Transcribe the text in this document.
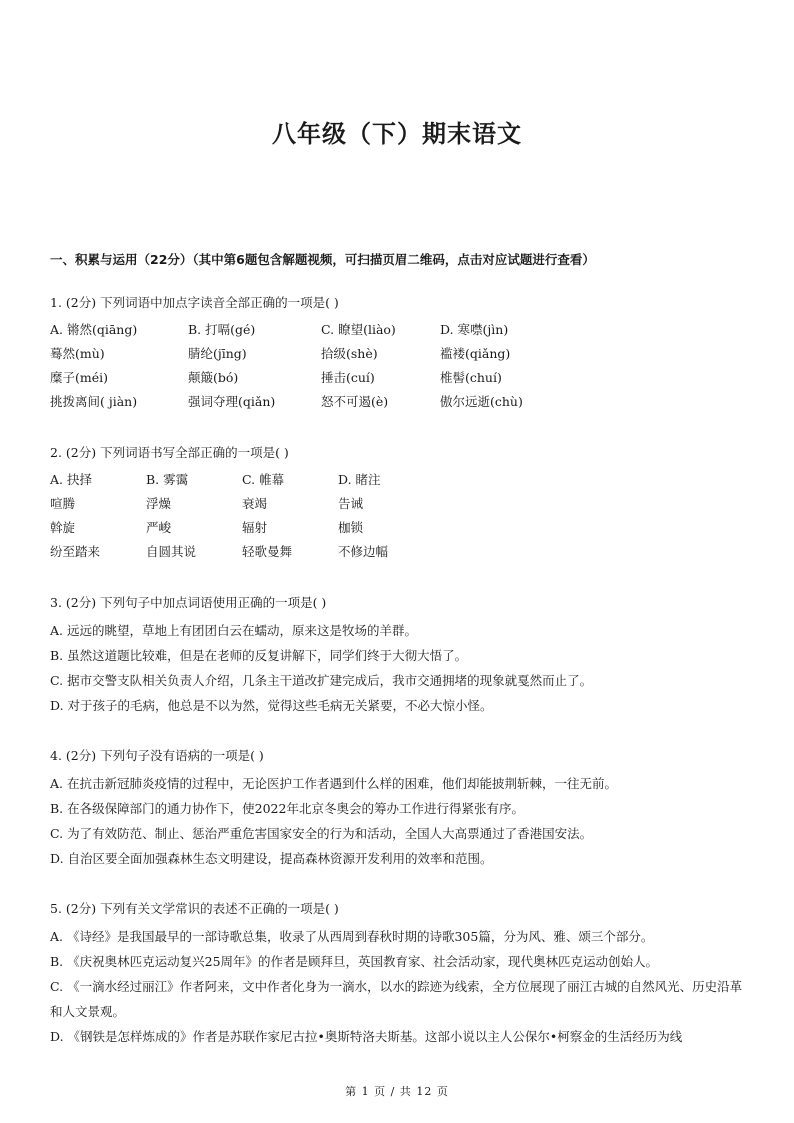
八年级（下）期末语文
一、积累与运用（22分）（其中第6题包含解题视频，可扫描页眉二维码，点击对应试题进行查看）
1. (2分) 下列词语中加点字读音全部正确的一项是( )
A. 锵然(qiāng)	B. 打嗝(gé)	C. 瞭望(liào)	D. 寒噤(jìn)
蓦然(mù)	腈纶(jīng)	拾级(shè)	褴褛(qiǎng)
糜子(méi)	颠簸(bó)	捶击(cuí)	椎髻(chuí)
挑拨离间( jiàn)	强词夺理(qiǎn)	怒不可遏(è)	傲尔远逝(chù)
2. (2分) 下列词语书写全部正确的一项是( )
A. 抉择	B. 雾霭	C. 帷幕	D. 睹注
喧腾	浮燥	衰竭	告诫
斡旋	严峻	辐射	枷锁
纷至踏来	自圆其说	轻歌曼舞	不修边幅
3. (2分) 下列句子中加点词语使用正确的一项是( )
A. 远远的眺望，草地上有团团白云在蠕动，原来这是牧场的羊群。
B. 虽然这道题比较难，但是在老师的反复讲解下，同学们终于大彻大悟了。
C. 据市交警支队相关负责人介绍，几条主干道改扩建完成后，我市交通拥堵的现象就戛然而止了。
D. 对于孩子的毛病，他总是不以为然，觉得这些毛病无关紧要，不必大惊小怪。
4. (2分) 下列句子没有语病的一项是( )
A. 在抗击新冠肺炎疫情的过程中，无论医护工作者遇到什么样的困难，他们却能披荆斩棘，一往无前。
B. 在各级保障部门的通力协作下，使2022年北京冬奥会的筹办工作进行得紧张有序。
C. 为了有效防范、制止、惩治严重危害国家安全的行为和活动，全国人大高票通过了香港国安法。
D. 自治区要全面加强森林生态文明建设，提高森林资源开发利用的效率和范围。
5. (2分) 下列有关文学常识的表述不正确的一项是( )
A. 《诗经》是我国最早的一部诗歌总集，收录了从西周到春秋时期的诗歌305篇，分为风、雅、颂三个部分。
B. 《庆祝奥林匹克运动复兴25周年》的作者是顾拜旦，英国教育家、社会活动家，现代奥林匹克运动创始人。
C. 《一滴水经过丽江》作者阿来，文中作者化身为一滴水，以水的踪迹为线索，全方位展现了丽江古城的自然风光、历史沿革和人文景观。
D. 《钢铁是怎样炼成的》作者是苏联作家尼古拉•奥斯特洛夫斯基。这部小说以主人公保尔•柯察金的生活经历为线
第 1 页 / 共 12 页
